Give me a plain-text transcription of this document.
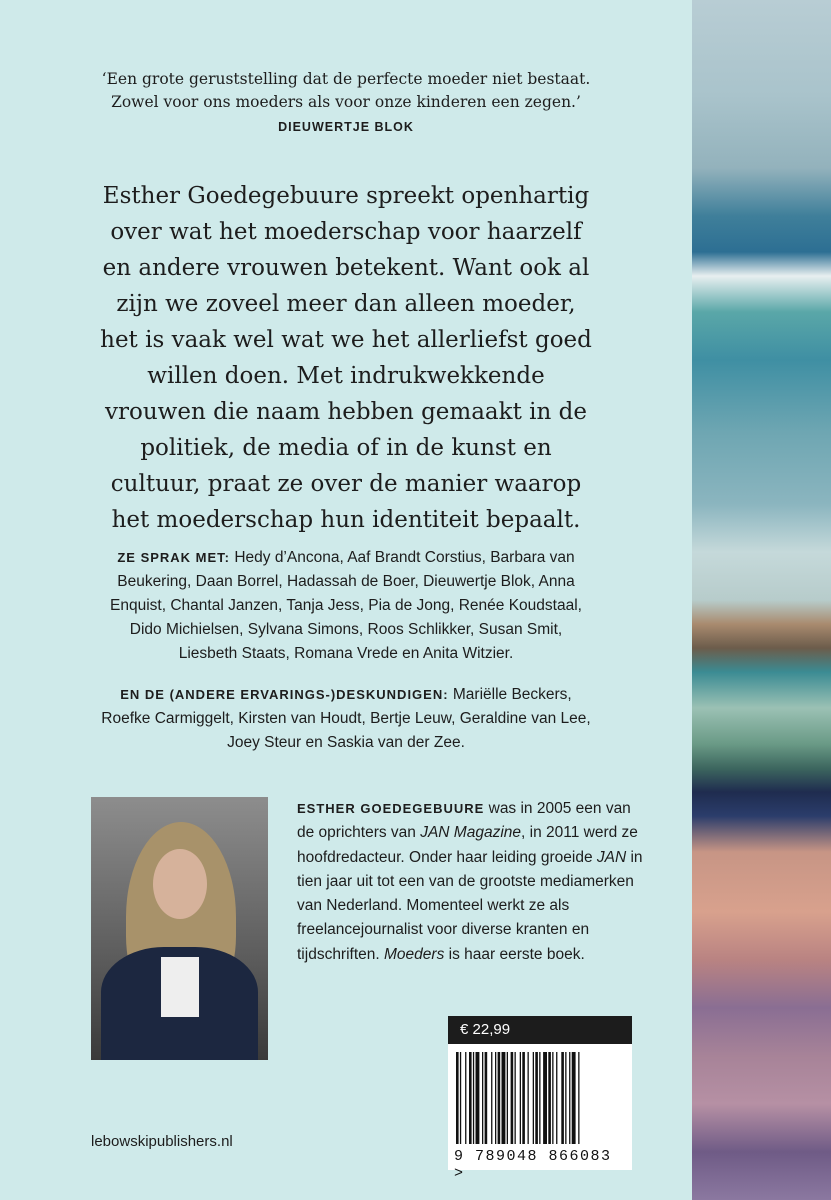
‘Een grote geruststelling dat de perfecte moeder niet bestaat.
Zowel voor ons moeders als voor onze kinderen een zegen.’
DIEUWERTJE BLOK
Esther Goedegebuure spreekt openhartig over wat het moederschap voor haarzelf en andere vrouwen betekent. Want ook al zijn we zoveel meer dan alleen moeder, het is vaak wel wat we het allerliefst goed willen doen. Met indrukwekkende vrouwen die naam hebben gemaakt in de politiek, de media of in de kunst en cultuur, praat ze over de manier waarop het moederschap hun identiteit bepaalt.
ZE SPRAK MET: Hedy d’Ancona, Aaf Brandt Corstius, Barbara van Beukering, Daan Borrel, Hadassah de Boer, Dieuwertje Blok, Anna Enquist, Chantal Janzen, Tanja Jess, Pia de Jong, Renée Koudstaal, Dido Michielsen, Sylvana Simons, Roos Schlikker, Susan Smit, Liesbeth Staats, Romana Vrede en Anita Witzier.
EN DE (ANDERE ERVARINGS-)DESKUNDIGEN: Mariëlle Beckers, Roefke Carmiggelt, Kirsten van Houdt, Bertje Leuw, Geraldine van Lee, Joey Steur en Saskia van der Zee.
ESTHER GOEDEGEBUURE was in 2005 een van de oprichters van JAN Magazine, in 2011 werd ze hoofdredacteur. Onder haar leiding groeide JAN in tien jaar uit tot een van de grootste mediamerken van Nederland. Momenteel werkt ze als freelancejournalist voor diverse kranten en tijdschriften. Moeders is haar eerste boek.
€ 22,99
9 789048 866083 >
lebowskipublishers.nl
